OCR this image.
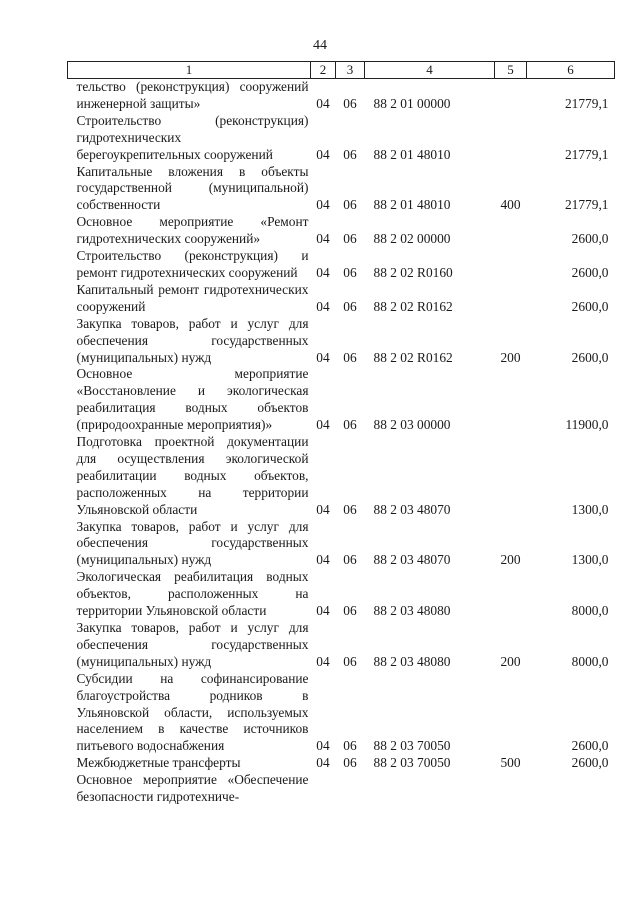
44
1	2	3	4	5	6
тельство (реконструкция) сооружений инженерной защиты»	04	06	88 2 01 00000		21779,1
Строительство (реконструкция) гидротехнических берегоукрепительных сооружений	04	06	88 2 01 48010		21779,1
Капитальные вложения в объекты государственной (муниципальной) собственности	04	06	88 2 01 48010	400	21779,1
Основное мероприятие «Ремонт гидротехнических сооружений»	04	06	88 2 02 00000		2600,0
Строительство (реконструкция) и ремонт гидротехнических сооружений	04	06	88 2 02 R0160		2600,0
Капитальный ремонт гидротехнических сооружений	04	06	88 2 02 R0162		2600,0
Закупка товаров, работ и услуг для обеспечения государственных (муниципальных) нужд	04	06	88 2 02 R0162	200	2600,0
Основное мероприятие «Восстановление и экологическая реабилитация водных объектов (природоохранные мероприятия)»	04	06	88 2 03 00000		11900,0
Подготовка проектной документации для осуществления экологической реабилитации водных объектов, расположенных на территории Ульяновской области	04	06	88 2 03 48070		1300,0
Закупка товаров, работ и услуг для обеспечения государственных (муниципальных) нужд	04	06	88 2 03 48070	200	1300,0
Экологическая реабилитация водных объектов, расположенных на территории Ульяновской области	04	06	88 2 03 48080		8000,0
Закупка товаров, работ и услуг для обеспечения государственных (муниципальных) нужд	04	06	88 2 03 48080	200	8000,0
Субсидии на софинансирование благоустройства родников в Ульяновской области, используемых населением в качестве источников питьевого водоснабжения	04	06	88 2 03 70050		2600,0
Межбюджетные трансферты	04	06	88 2 03 70050	500	2600,0
Основное мероприятие «Обеспечение безопасности гидротехниче-					
